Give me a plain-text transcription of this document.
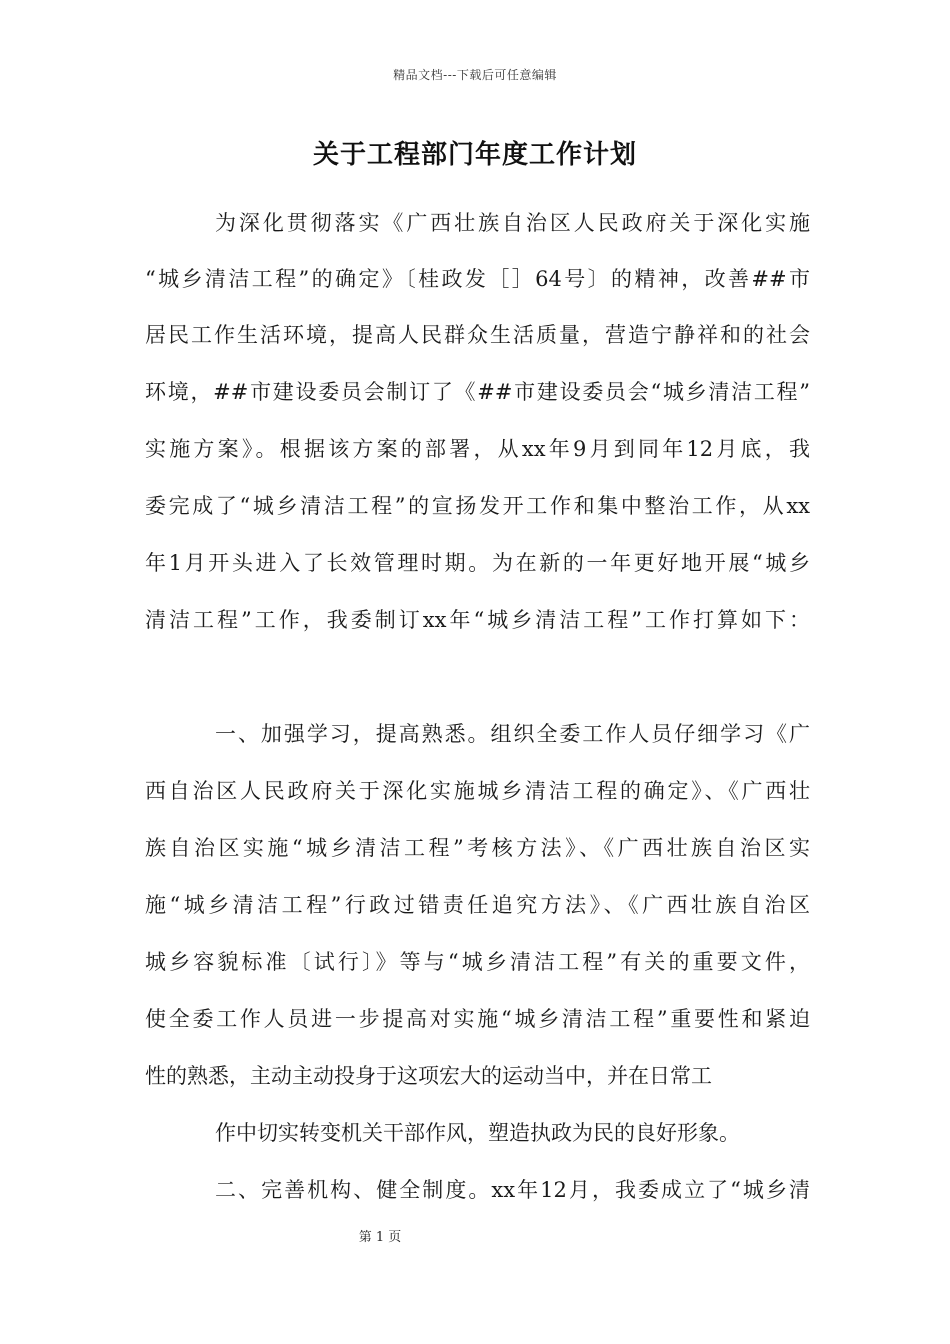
精品文档---下载后可任意编辑
关于工程部门年度工作计划
为深化贯彻落实《广西壮族自治区人民政府关于深化实施
“城乡清洁工程”的确定》〔桂政发［］64号〕的精神，改善##市
居民工作生活环境，提高人民群众生活质量，营造宁静祥和的社会
环境，##市建设委员会制订了《##市建设委员会“城乡清洁工程”
实施方案》。根据该方案的部署，从xx年9月到同年12月底，我
委完成了“城乡清洁工程”的宣扬发开工作和集中整治工作，从xx
年1月开头进入了长效管理时期。为在新的一年更好地开展“城乡
清洁工程”工作，我委制订xx年“城乡清洁工程”工作打算如下：
一、加强学习，提高熟悉。组织全委工作人员仔细学习《广
西自治区人民政府关于深化实施城乡清洁工程的确定》、《广西壮
族自治区实施“城乡清洁工程”考核方法》、《广西壮族自治区实
施“城乡清洁工程”行政过错责任追究方法》、《广西壮族自治区
城乡容貌标准〔试行〕》等与“城乡清洁工程”有关的重要文件，
使全委工作人员进一步提高对实施“城乡清洁工程”重要性和紧迫
性的熟悉，主动主动投身于这项宏大的运动当中，并在日常工
作中切实转变机关干部作风，塑造执政为民的良好形象。
二、完善机构、健全制度。xx年12月，我委成立了“城乡清
第 1 页
